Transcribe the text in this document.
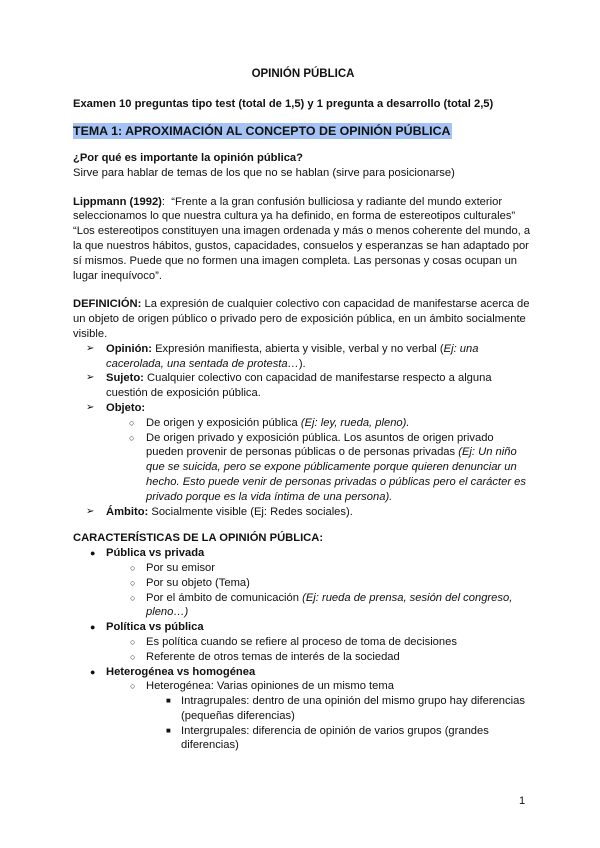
OPINIÓN PÚBLICA

Examen 10 preguntas tipo test (total de 1,5) y 1 pregunta a desarrollo (total 2,5)

TEMA 1: APROXIMACIÓN AL CONCEPTO DE OPINIÓN PÚBLICA

¿Por qué es importante la opinión pública?

Sirve para hablar de temas de los que no se hablan (sirve para posicionarse)

Lippmann (1992):  “Frente a la gran confusión bulliciosa y radiante del mundo exterior

seleccionamos lo que nuestra cultura ya ha definido, en forma de estereotipos culturales”

“Los estereotipos constituyen una imagen ordenada y más o menos coherente del mundo, a

la que nuestros hábitos, gustos, capacidades, consuelos y esperanzas se han adaptado por

sí mismos. Puede que no formen una imagen completa. Las personas y cosas ocupan un

lugar inequívoco”.

DEFINICIÓN: La expresión de cualquier colectivo con capacidad de manifestarse acerca de

un objeto de origen público o privado pero de exposición pública, en un ámbito socialmente

visible.

➢ Opinión: Expresión manifiesta, abierta y visible, verbal y no verbal (Ej: una
cacerolada, una sentada de protesta…).
➢ Sujeto: Cualquier colectivo con capacidad de manifestarse respecto a alguna
cuestión de exposición pública.
➢ Objeto:
○ De origen y exposición pública (Ej: ley, rueda, pleno).
○ De origen privado y exposición pública. Los asuntos de origen privado
pueden provenir de personas públicas o de personas privadas (Ej: Un niño
que se suicida, pero se expone públicamente porque quieren denunciar un
hecho. Esto puede venir de personas privadas o públicas pero el carácter es
privado porque es la vida íntima de una persona).
➢ Ámbito: Socialmente visible (Ej: Redes sociales).

CARACTERÍSTICAS DE LA OPINIÓN PÚBLICA:

● Pública vs privada
○ Por su emisor
○ Por su objeto (Tema)
○ Por el ámbito de comunicación (Ej: rueda de prensa, sesión del congreso,
pleno…)
● Política vs pública
○ Es política cuando se refiere al proceso de toma de decisiones
○ Referente de otros temas de interés de la sociedad
● Heterogénea vs homogénea
○ Heterogénea: Varias opiniones de un mismo tema
■ Intragrupales: dentro de una opinión del mismo grupo hay diferencias
(pequeñas diferencias)
■ Intergrupales: diferencia de opinión de varios grupos (grandes
diferencias)
1
